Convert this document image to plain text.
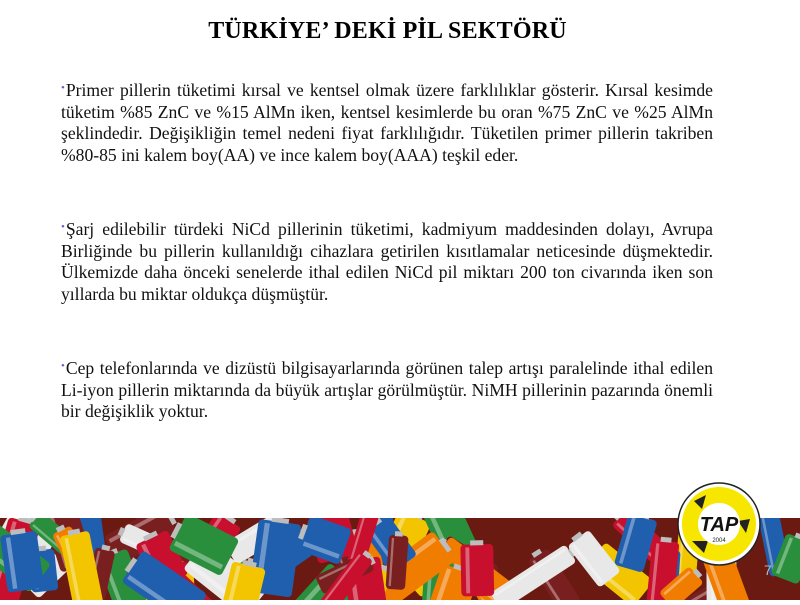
TÜRKİYE’ DEKİ PİL SEKTÖRÜ
•Primer pillerin tüketimi kırsal ve kentsel olmak üzere farklılıklar gösterir. Kırsal kesimde tüketim %85 ZnC ve %15 AlMn iken, kentsel kesimlerde bu oran %75 ZnC ve %25 AlMn şeklindedir. Değişikliğin temel nedeni fiyat farklılığıdır. Tüketilen primer pillerin takriben %80-85 ini kalem boy(AA) ve ince kalem boy(AAA) teşkil eder.
•Şarj edilebilir türdeki NiCd pillerinin tüketimi, kadmiyum maddesinden dolayı, Avrupa Birliğinde bu pillerin kullanıldığı cihazlara getirilen kısıtlamalar neticesinde düşmektedir. Ülkemizde daha önceki senelerde ithal edilen NiCd pil miktarı 200 ton civarında iken son yıllarda bu miktar oldukça düşmüştür.
•Cep telefonlarında ve dizüstü bilgisayarlarında görünen talep artışı paralelinde ithal edilen Li-iyon pillerin miktarında da büyük artışlar görülmüştür. NiMH pillerinin pazarında önemli bir değişiklik yoktur.
TAP
2004
7
